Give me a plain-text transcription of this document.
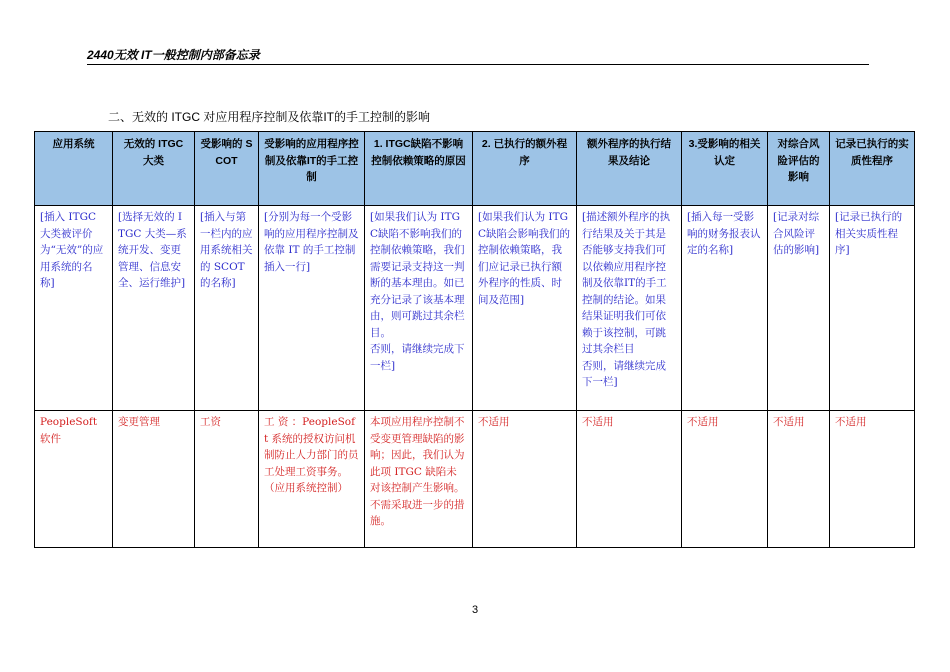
2440无效 IT一般控制内部备忘录
二、无效的 ITGC 对应用程序控制及依靠IT的手工控制的影响
应用系统	无效的 ITGC 大类	受影响的 SCOT	受影响的应用程序控制及依靠IT的手工控制	1. ITGC缺陷不影响控制依赖策略的原因	2. 已执行的额外程序	额外程序的执行结果及结论	3.受影响的相关认定	对综合风险评估的影响	记录已执行的实质性程序
[插入 ITGC 大类被评价为“无效”的应用系统的名称]	[选择无效的 ITGC 大类—系统开发、变更管理、信息安全、运行维护]	[插入与第一栏内的应用系统相关的 SCOT 的名称]	[分别为每一个受影响的应用程序控制及依靠 IT 的手工控制插入一行]	[如果我们认为 ITGC缺陷不影响我们的控制依赖策略，我们需要记录支持这一判断的基本理由。如已充分记录了该基本理由，则可跳过其余栏目。
否则，请继续完成下一栏]	[如果我们认为 ITGC缺陷会影响我们的控制依赖策略，我们应记录已执行额外程序的性质、时间及范围]	[描述额外程序的执行结果及关于其是否能够支持我们可以依赖应用程序控制及依靠IT的手工控制的结论。如果结果证明我们可依赖于该控制，可跳过其余栏目
否则，请继续完成下一栏]	[插入每一受影响的财务报表认定的名称]	[记录对综合风险评估的影响]	[记录已执行的相关实质性程序]
PeopleSoft 软件	变更管理	工资	工 资 ：PeopleSoft 系统的授权访问机制防止人力部门的员工处理工资事务。（应用系统控制）	本项应用程序控制不受变更管理缺陷的影响；因此，我们认为 此项 ITGC 缺陷未对该控制产生影响。不需采取进一步的措施。	不适用	不适用	不适用	不适用	不适用
3
